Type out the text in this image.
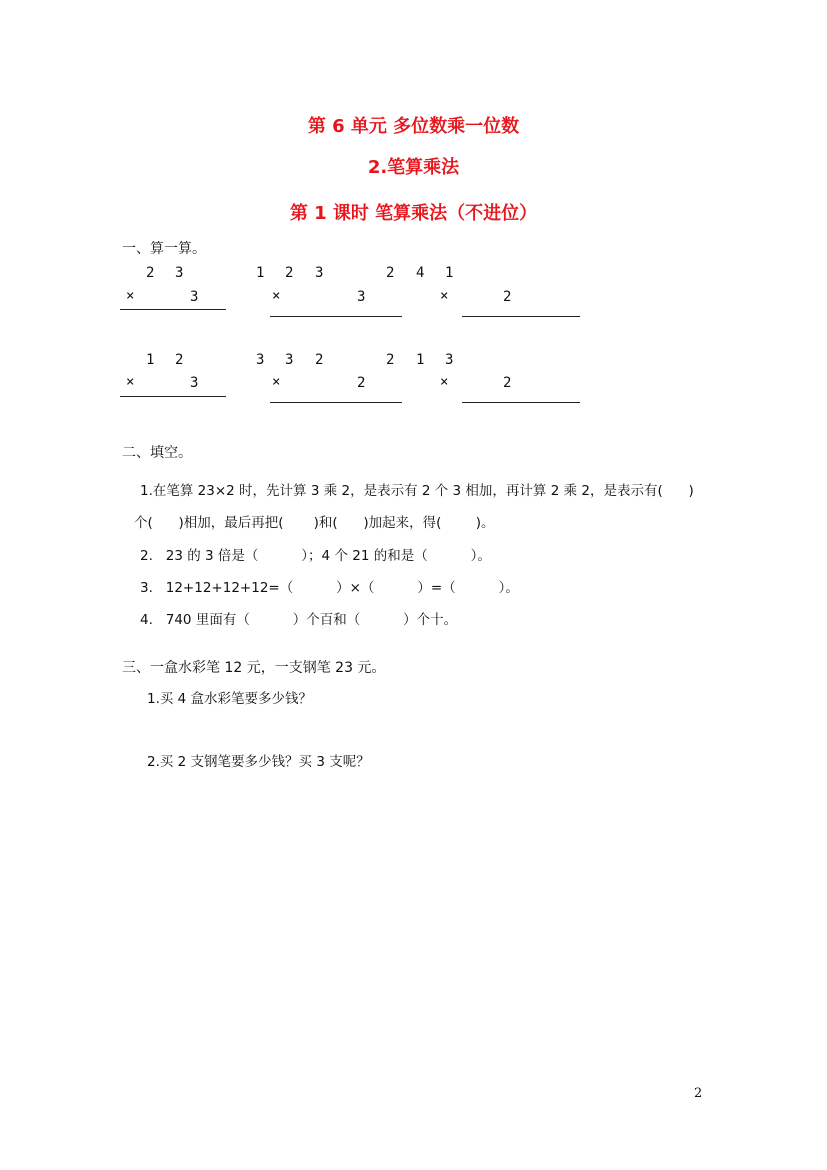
第 6 单元 多位数乘一位数
2.笔算乘法
第 1 课时 笔算乘法（不进位）
一、算一算。
2 3
×	3
1 2 3
×	3
2 4 1
×	2
1 2
×	3
3 3 2
×	2
2 1 3
×	2
二、填空。
1.在笔算 23×2 时，先计算 3 乘 2，是表示有 2 个 3 相加，再计算 2 乘 2，是表示有(      )
个(      )相加，最后再把(       )和(      )加起来，得(        )。
2.   23 的 3 倍是（          ）；4 个 21 的和是（          ）。
3.   12+12+12+12=（          ）×（          ）=（          ）。
4.   740 里面有（          ）个百和（          ）个十。
三、一盒水彩笔 12 元，一支钢笔 23 元。
1.买 4 盒水彩笔要多少钱？
2.买 2 支钢笔要多少钱？买 3 支呢？
2
